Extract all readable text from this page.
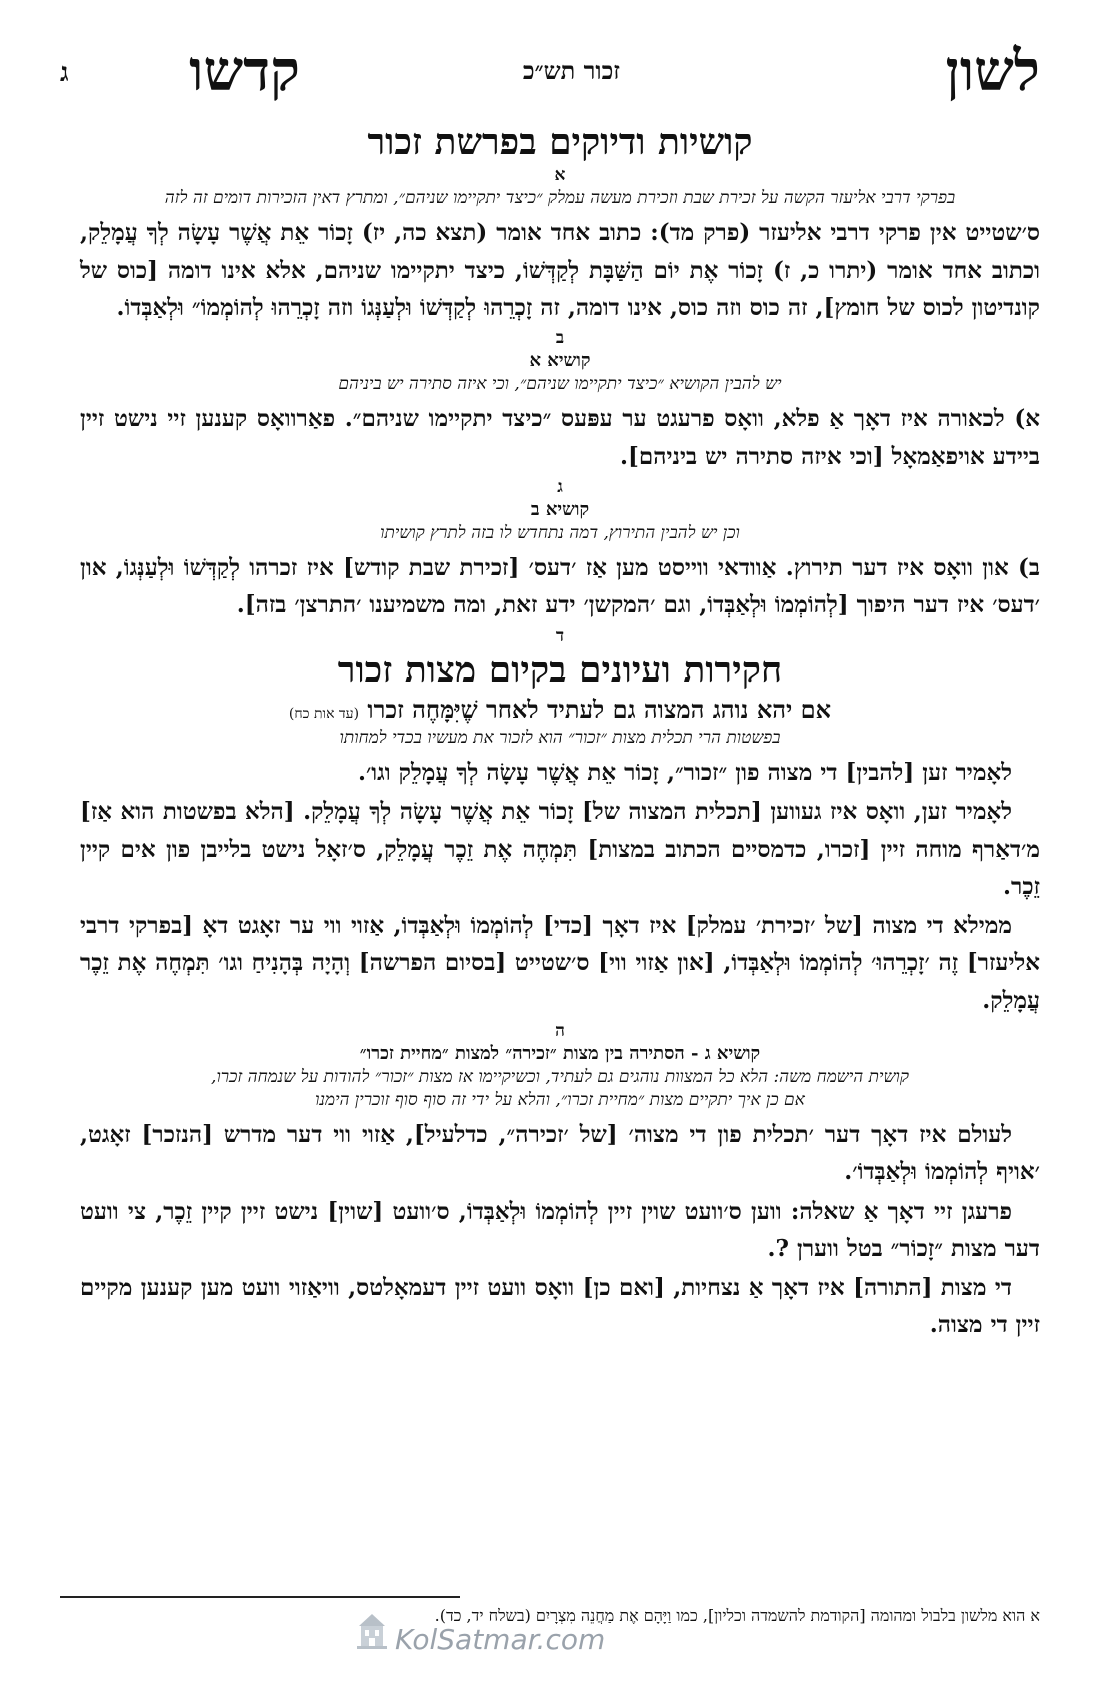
לשון
זכור תש״כ
קדשו
ג
קושיות ודיוקים בפרשת זכור
א
בפרקי דרבי אליעזר הקשה על זכירת שבת וזכירת מעשה עמלק ״כיצד יתקיימו שניהם״, ומתרץ דאין הזכירות דומים זה לזה
ס׳שטייט אין פרקי דרבי אליעזר (פרק מד): כתוב אחד אומר (תצא כה, יז) זָכוֹר אֵת אֲשֶׁר עָשָׂה לְךָ עֲמָלֵק, וכתוב אחד אומר (יתרו כ, ז) זָכוֹר אֶת יוֹם הַשַּׁבָּת לְקַדְּשׁוֹ, כיצד יתקיימו שניהם, אלא אינו דומה [כוס של קונדיטון לכוס של חומץ], זה כוס וזה כוס, אינו דומה, זה זָכְרֵהוּ לְקַדְּשׁוֹ וּלְעַנְּגוֹ וזה זָכְרֵהוּ לְהוֹמְמוֹ״ וּלְאַבְּדוֹ.
ב
קושיא א
יש להבין הקושיא ״כיצד יתקיימו שניהם״, וכי איזה סתירה יש ביניהם
א) לכאורה איז דאָך אַ פלא, וואָס פרעגט ער עפּעס ״כיצד יתקיימו שניהם״. פאַרוואָס קענען זיי נישט זיין ביידע אויפאַמאָל [וכי איזה סתירה יש ביניהם].
ג
קושיא ב
וכן יש להבין התירוץ, דמה נתחדש לו בזה לתרץ קושיתו
ב) און וואָס איז דער תירוץ. אַוודאי ווייסט מען אַז ׳דעס׳ [זכירת שבת קודש] איז זכרהו לְקַדְּשׁוֹ וּלְעַנְּגוֹ, און ׳דעס׳ איז דער היפוך [לְהוֹמְמוֹ וּלְאַבְּדוֹ, וגם ׳המקשן׳ ידע זאת, ומה משמיענו ׳התרצן׳ בזה].
ד
חקירות ועיונים בקיום מצות זכור
אם יהא נוהג המצוה גם לעתיד לאחר שֶׁיִּמָּחֶה זכרו (עד אות כח)
בפשטות הרי תכלית מצות ״זכור״ הוא לזכור את מעשיו בכדי למחותו
לאָמיר זען [להבין] די מצוה פון ״זכור״, זָכוֹר אֵת אֲשֶׁר עָשָׂה לְךָ עֲמָלֵק וגו׳.
לאָמיר זען, וואָס איז געווען [תכלית המצוה של] זָכוֹר אֵת אֲשֶׁר עָשָׂה לְךָ עֲמָלֵק. [הלא בפשטות הוא אַז] מ׳דאַרף מוחה זיין [זכרו, כדמסיים הכתוב במצות] תִּמְחֶה אֶת זֵכֶר עֲמָלֵק, ס׳זאָל נישט בלייבן פון אים קיין זֵכֶר.
ממילא די מצוה [של ׳זכירת׳ עמלק] איז דאָך [כדי] לְהוֹמְמוֹ וּלְאַבְּדוֹ, אַזוי ווי ער זאָגט דאָ [בפרקי דרבי אליעזר] זֶה ׳זָכְרֵהוּ׳ לְהוֹמְמוֹ וּלְאַבְּדוֹ, [און אַזוי ווי] ס׳שטייט [בסיום הפרשה] וְהָיָה בְּהָנִיחַ וגו׳ תִּמְחֶה אֶת זֵכֶר עֲמָלֵק.
ה
קושיא ג - הסתירה בין מצות ״זכירה״ למצות ״מחיית זכרו״
קושית הישמח משה: הלא כל המצוות נוהגים גם לעתיד, וכשיקיימו אז מצות ״זכור״ להודות על שנמחה זכרו,
אם כן איך יתקיים מצות ״מחיית זכרו״, והלא על ידי זה סוף סוף זוכרין הימנו
לעולם איז דאָך דער ׳תכלית פון די מצוה׳ [של ׳זכירה״, כדלעיל], אַזוי ווי דער מדרש [הנזכר] זאָגט, ׳אויף לְהוֹמְמוֹ וּלְאַבְּדוֹ׳.
פרעגן זיי דאָך אַ שאלה: ווען ס׳וועט שוין זיין לְהוֹמְמוֹ וּלְאַבְּדוֹ, ס׳וועט [שוין] נישט זיין קיין זֵכֶר, צי וועט דער מצות ״זָכוֹר״ בטל ווערן ?.
די מצות [התורה] איז דאָך אַ נצחיות, [ואם כן] וואָס וועט זיין דעמאָלטס, וויאַזוי וועט מען קענען מקיים זיין די מצוה.
א הוא מלשון בלבול ומהומה [הקודמת להשמדה וכליון], כמו וַיָּהָם אֶת מַחֲנֵה מִצְרָיִם (בשלח יד, כד).
KolSatmar.com
